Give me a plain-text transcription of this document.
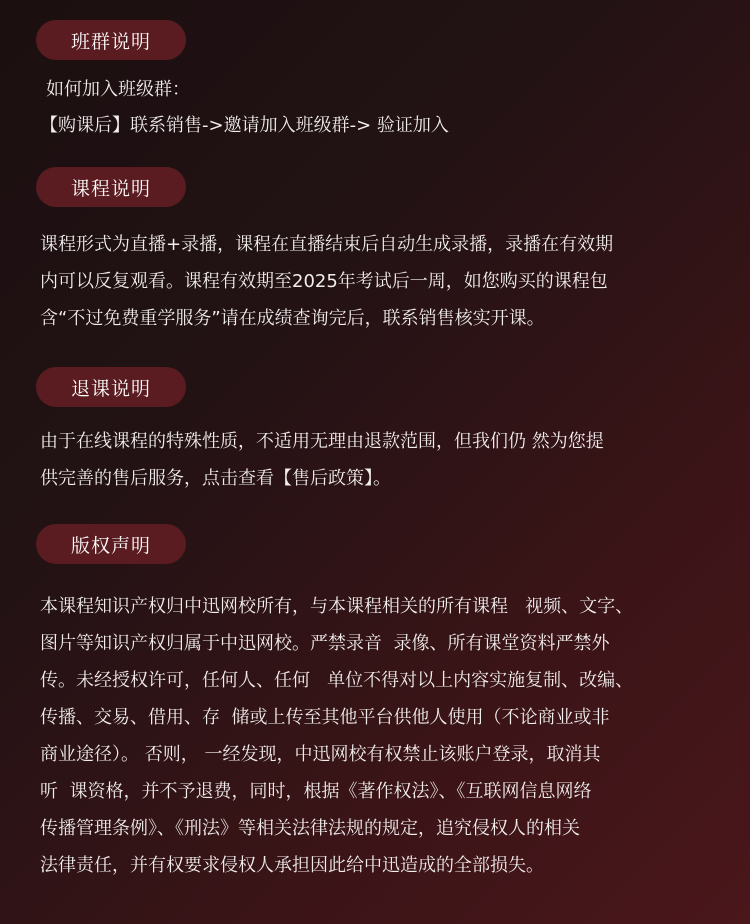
班群说明
如何加入班级群：
【购课后】联系销售->邀请加入班级群-> 验证加入
课程说明
课程形式为直播+录播，课程在直播结束后自动生成录播，录播在有效期
内可以反复观看。课程有效期至2025年考试后一周，如您购买的课程包
含“不过免费重学服务”请在成绩查询完后，联系销售核实开课。
退课说明
由于在线课程的特殊性质，不适用无理由退款范围，但我们仍 然为您提
供完善的售后服务，点击查看【售后政策】。
版权声明
本课程知识产权归中迅网校所有，与本课程相关的所有课程   视频、文字、
图片等知识产权归属于中迅网校。严禁录音  录像、所有课堂资料严禁外
传。未经授权许可，任何人、任何   单位不得对以上内容实施复制、改编、
传播、交易、借用、存  储或上传至其他平台供他人使用（不论商业或非
商业途径）。 否则， 一经发现，中迅网校有权禁止该账户登录，取消其
听  课资格，并不予退费，同时，根据《著作权法》、《互联网信息网络
传播管理条例》、《刑法》等相关法律法规的规定，追究侵权人的相关
法律责任，并有权要求侵权人承担因此给中迅造成的全部损失。
